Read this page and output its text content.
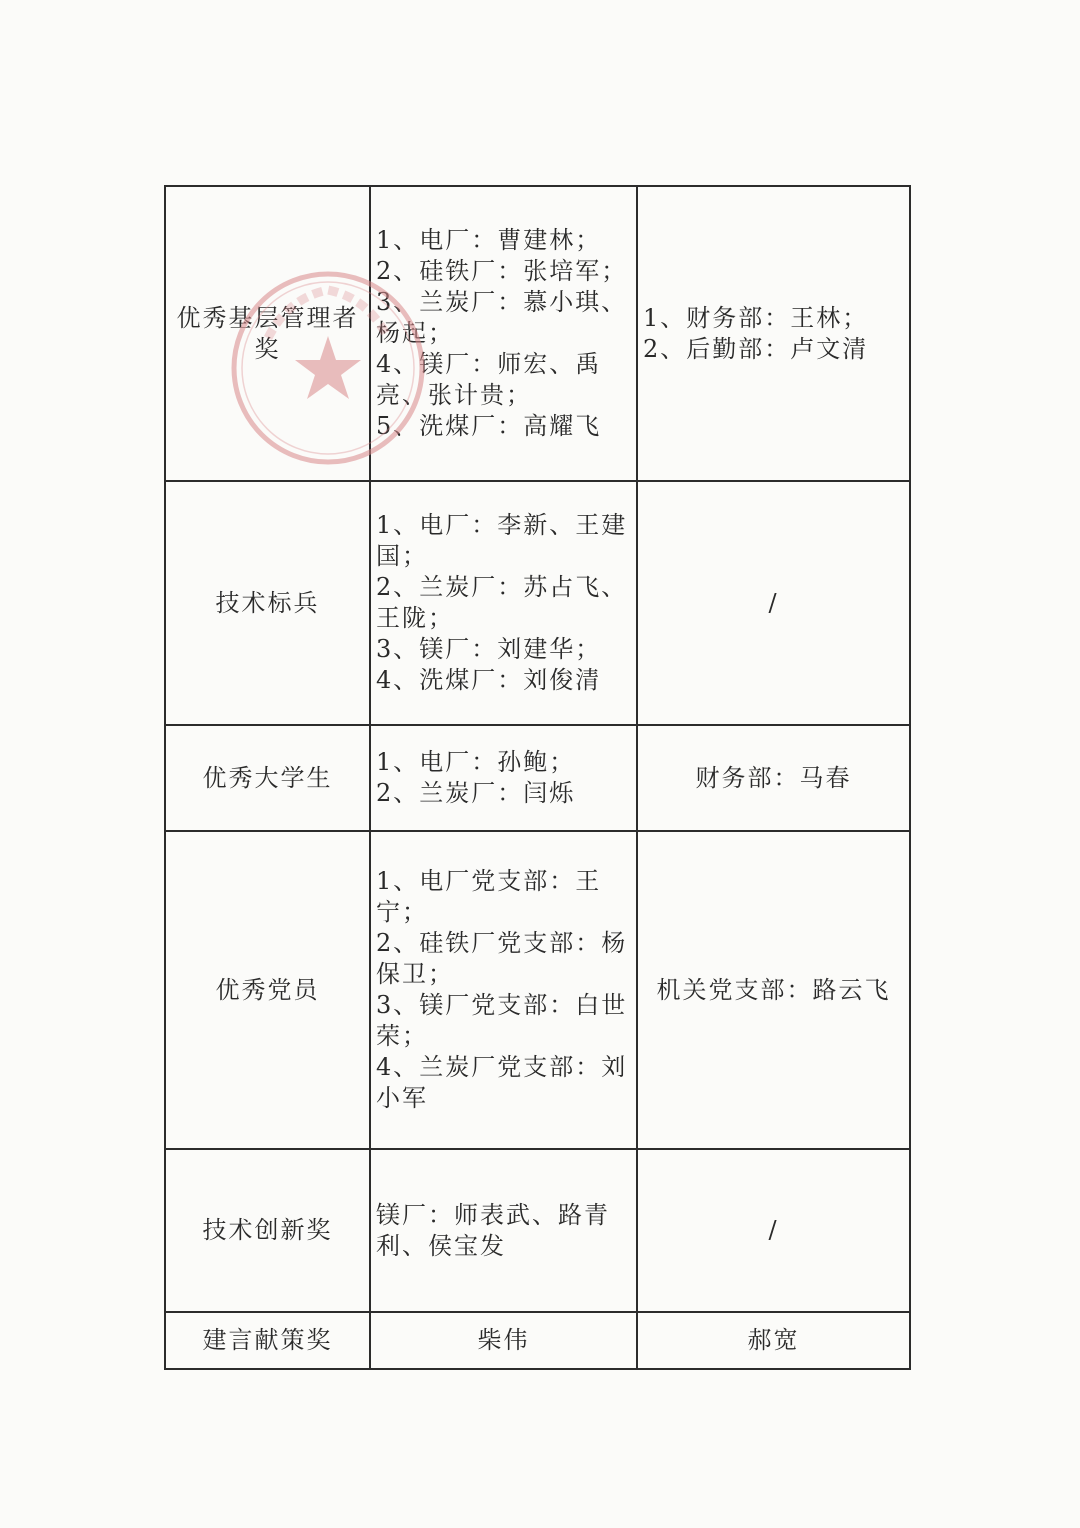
优秀基层管理者奖	1、电厂：曹建林；
2、硅铁厂：张培军；
3、兰炭厂：慕小琪、杨起；
4、镁厂：师宏、禹亮、张计贵；
5、洗煤厂：高耀飞	1、财务部：王林；
2、后勤部：卢文清

技术标兵	1、电厂：李新、王建国；
2、兰炭厂：苏占飞、王陇；
3、镁厂：刘建华；
4、洗煤厂：刘俊清	/

优秀大学生	1、电厂：孙鲍；
2、兰炭厂：闫烁	财务部：马春

优秀党员	1、电厂党支部：王宁；
2、硅铁厂党支部：杨保卫；
3、镁厂党支部：白世荣；
4、兰炭厂党支部：刘小军	机关党支部：路云飞

技术创新奖	镁厂：师表武、路青利、侯宝发	/

建言献策奖	柴伟	郝宽
